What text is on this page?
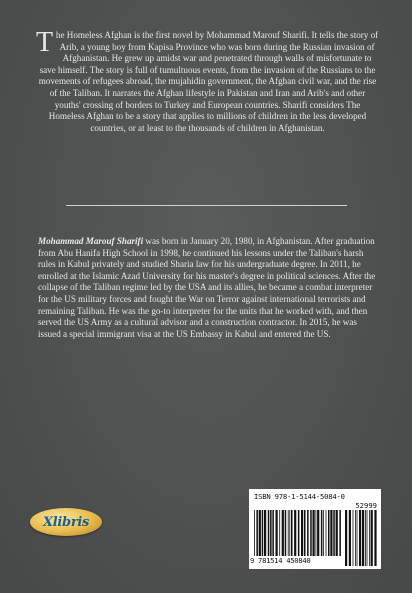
The Homeless Afghan is the first novel by Mohammad Marouf Sharifi. It tells the story of Arib, a young boy from Kapisa Province who was born during the Russian invasion of Afghanistan. He grew up amidst war and penetrated through walls of misfortunate to save himself. The story is full of tumultuous events, from the invasion of the Russians to the movements of refugees abroad, the mujahidin government, the Afghan civil war, and the rise of the Taliban. It narrates the Afghan lifestyle in Pakistan and Iran and Arib's and other youths' crossing of borders to Turkey and European countries. Sharifi considers The Homeless Afghan to be a story that applies to millions of children in the less developed countries, or at least to the thousands of children in Afghanistan.

Mohammad Marouf Sharifi was born in January 20, 1980, in Afghanistan. After graduation from Abu Hanifa High School in 1998, he continued his lessons under the Taliban's harsh rules in Kabul privately and studied Sharia law for his undergraduate degree. In 2011, he enrolled at the Islamic Azad University for his master's degree in political sciences. After the collapse of the Taliban regime led by the USA and its allies, he became a combat interpreter for the US military forces and fought the War on Terror against international terrorists and remaining Taliban. He was the go-to interpreter for the units that he worked with, and then served the US Army as a cultural advisor and a construction contractor. In 2015, he was issued a special immigrant visa at the US Embassy in Kabul and entered the US.

Xlibris
ISBN 978-1-5144-5084-0
52999
9 781514 450840
